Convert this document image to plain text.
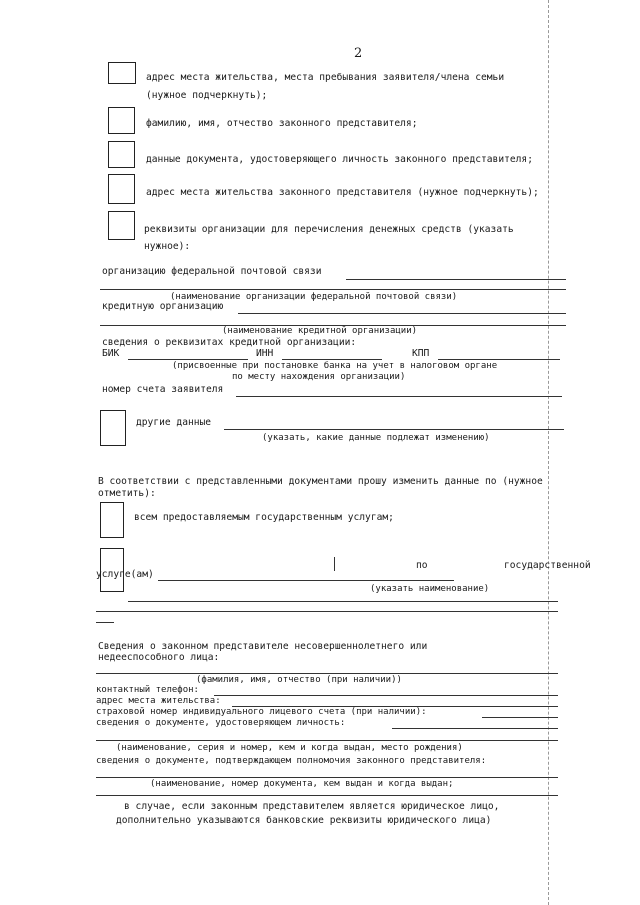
2
адрес места жительства, места пребывания заявителя/члена семьи
(нужное подчеркнуть);
фамилию, имя, отчество законного представителя;
данные документа, удостоверяющего личность законного представителя;
адрес места жительства законного представителя (нужное подчеркнуть);
реквизиты организации для перечисления денежных средств (указать
нужное):
организацию федеральной почтовой связи
(наименование организации федеральной почтовой связи)
кредитную организацию
(наименование кредитной организации)
сведения о реквизитах кредитной организации:
БИК	ИНН	КПП
(присвоенные при постановке банка на учет в налоговом органе
по месту нахождения организации)
номер счета заявителя
другие данные
(указать, какие данные подлежат изменению)
В соответствии с представленными документами прошу изменить данные по (нужное
отметить):
всем предоставляемым государственным услугам;
по	государственной
услуге(ам)
(указать наименование)
Сведения о законном представителе несовершеннолетнего или
недееспособного лица:
(фамилия, имя, отчество (при наличии))
контактный телефон:
адрес места жительства:
страховой номер индивидуального лицевого счета (при наличии):
сведения о документе, удостоверяющем личность:
(наименование, серия и номер, кем и когда выдан, место рождения)
сведения о документе, подтверждающем полномочия законного представителя:
(наименование, номер документа, кем выдан и когда выдан;
в случае, если законным представителем является юридическое лицо,
дополнительно указываются банковские реквизиты юридического лица)
